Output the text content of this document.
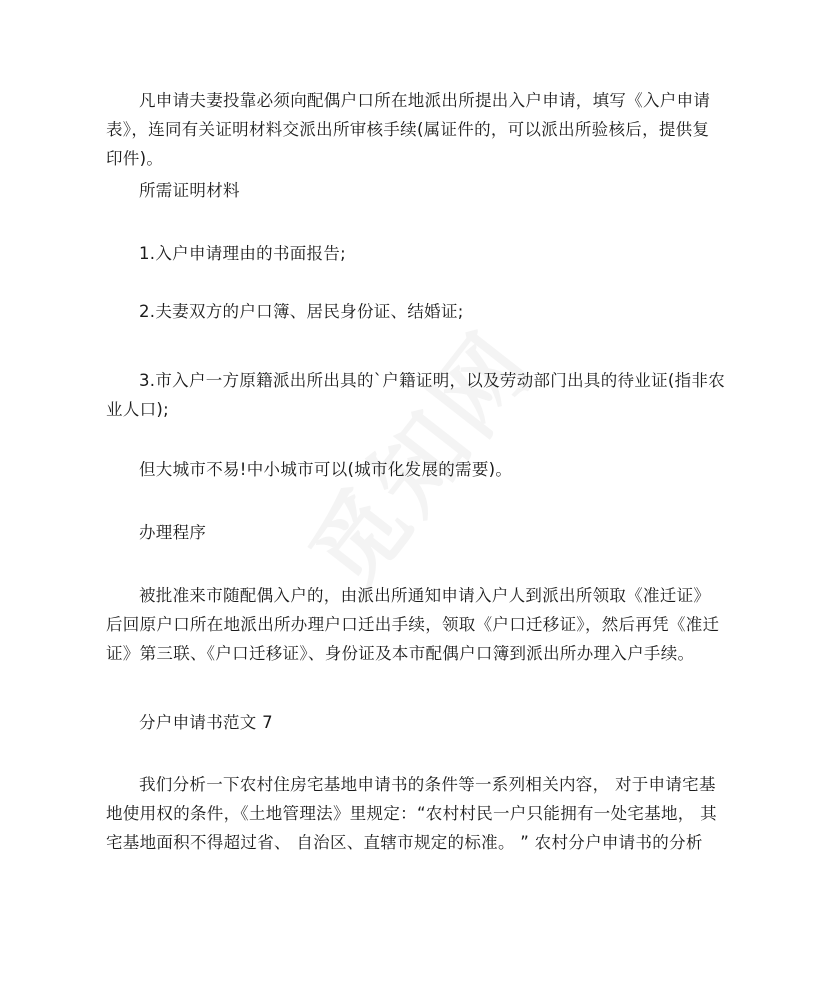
凡申请夫妻投靠必须向配偶户口所在地派出所提出入户申请，填写《入户申请表》，连同有关证明材料交派出所审核手续(属证件的，可以派出所验核后，提供复印件)。

所需证明材料

1.入户申请理由的书面报告;

2.夫妻双方的户口簿、居民身份证、结婚证;

3.市入户一方原籍派出所出具的`户籍证明，以及劳动部门出具的待业证(指非农业人口);

但大城市不易!中小城市可以(城市化发展的需要)。

办理程序

被批准来市随配偶入户的，由派出所通知申请入户人到派出所领取《准迁证》后回原户口所在地派出所办理户口迁出手续，领取《户口迁移证》，然后再凭《准迁证》第三联、《户口迁移证》、身份证及本市配偶户口簿到派出所办理入户手续。

分户申请书范文 7

我们分析一下农村住房宅基地申请书的条件等一系列相关内容， 对于申请宅基地使用权的条件，《土地管理法》里规定：“农村村民一户只能拥有一处宅基地， 其宅基地面积不得超过省、 自治区、直辖市规定的标准。 ” 农村分户申请书的分析
